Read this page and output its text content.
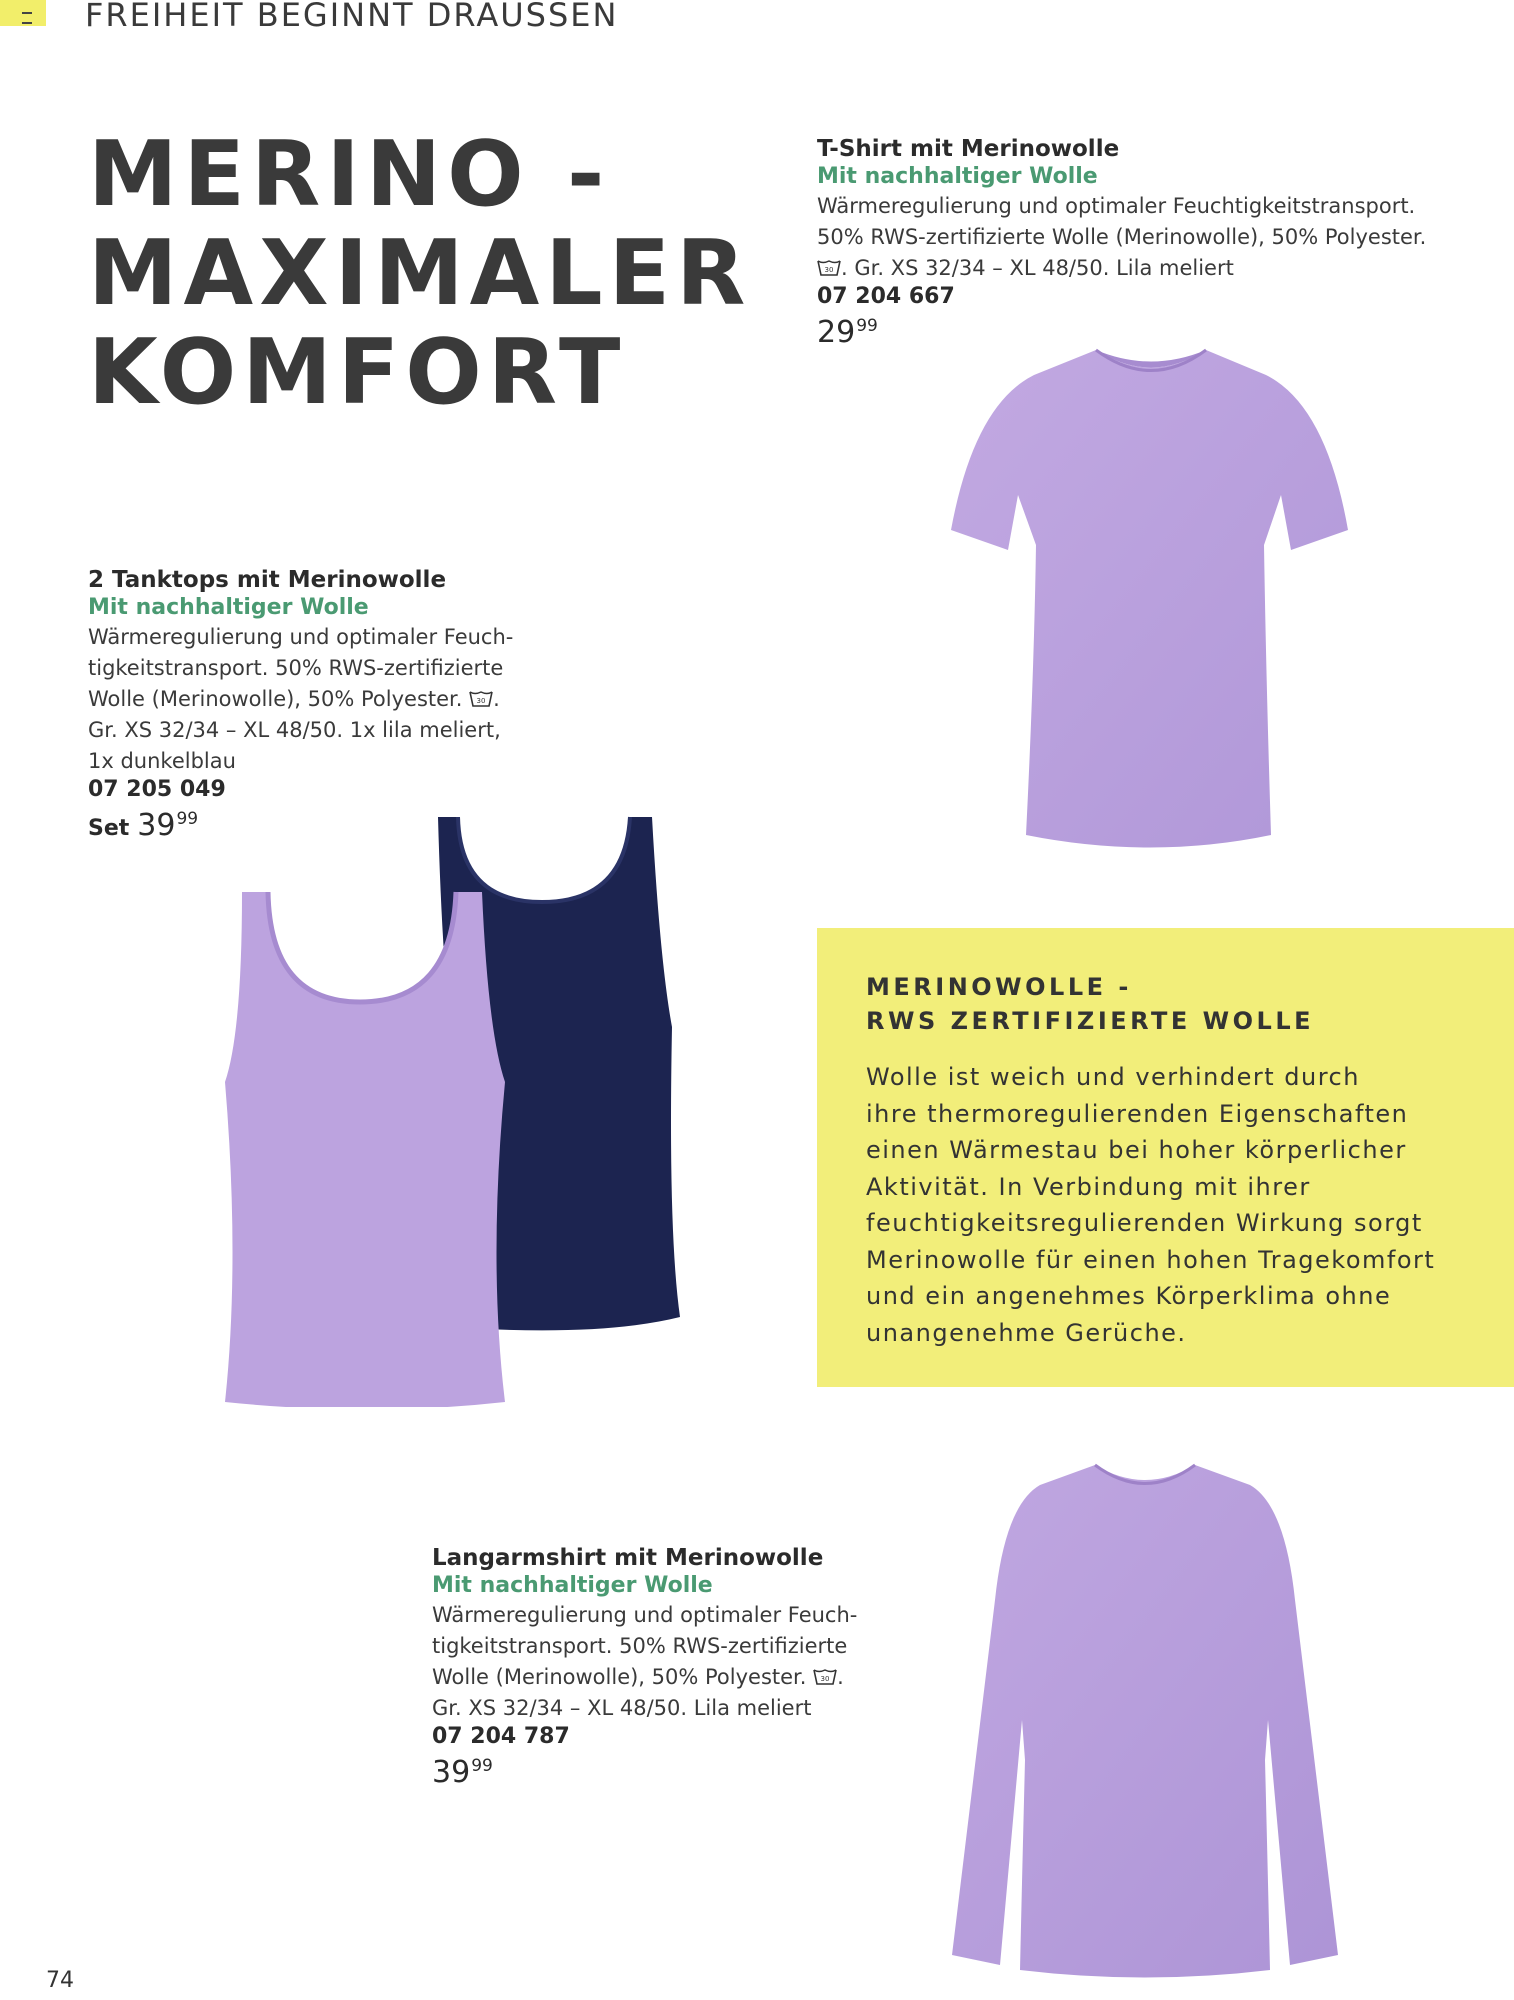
FREIHEIT BEGINNT DRAUSSEN
MERINO -
MAXIMALER
KOMFORT
T-Shirt mit Merinowolle
Mit nachhaltiger Wolle
Wärmeregulierung und optimaler Feuchtigkeitstransport.
50% RWS-zertifizierte Wolle (Merinowolle), 50% Polyester.
30 . Gr. XS 32/34 – XL 48/50. Lila meliert
07 204 667
$29^{99}$
2 Tanktops mit Merinowolle
Mit nachhaltiger Wolle
Wärmeregulierung und optimaler Feuch-
tigkeitstransport. 50% RWS-zertifizierte
Wolle (Merinowolle), 50% Polyester. 30 .
Gr. XS 32/34 – XL 48/50. 1x lila meliert,
1x dunkelblau
07 205 049
Set $39^{99}$
Langarmshirt mit Merinowolle
Mit nachhaltiger Wolle
Wärmeregulierung und optimaler Feuch-
tigkeitstransport. 50% RWS-zertifizierte
Wolle (Merinowolle), 50% Polyester. 30 .
Gr. XS 32/34 – XL 48/50. Lila meliert
07 204 787
$39^{99}$
MERINOWOLLE -
RWS ZERTIFIZIERTE WOLLE
Wolle ist weich und verhindert durch
ihre thermoregulierenden Eigenschaften
einen Wärmestau bei hoher körperlicher
Aktivität. In Verbindung mit ihrer
feuchtigkeitsregulierenden Wirkung sorgt
Merinowolle für einen hohen Tragekomfort
und ein angenehmes Körperklima ohne
unangenehme Gerüche.
74
